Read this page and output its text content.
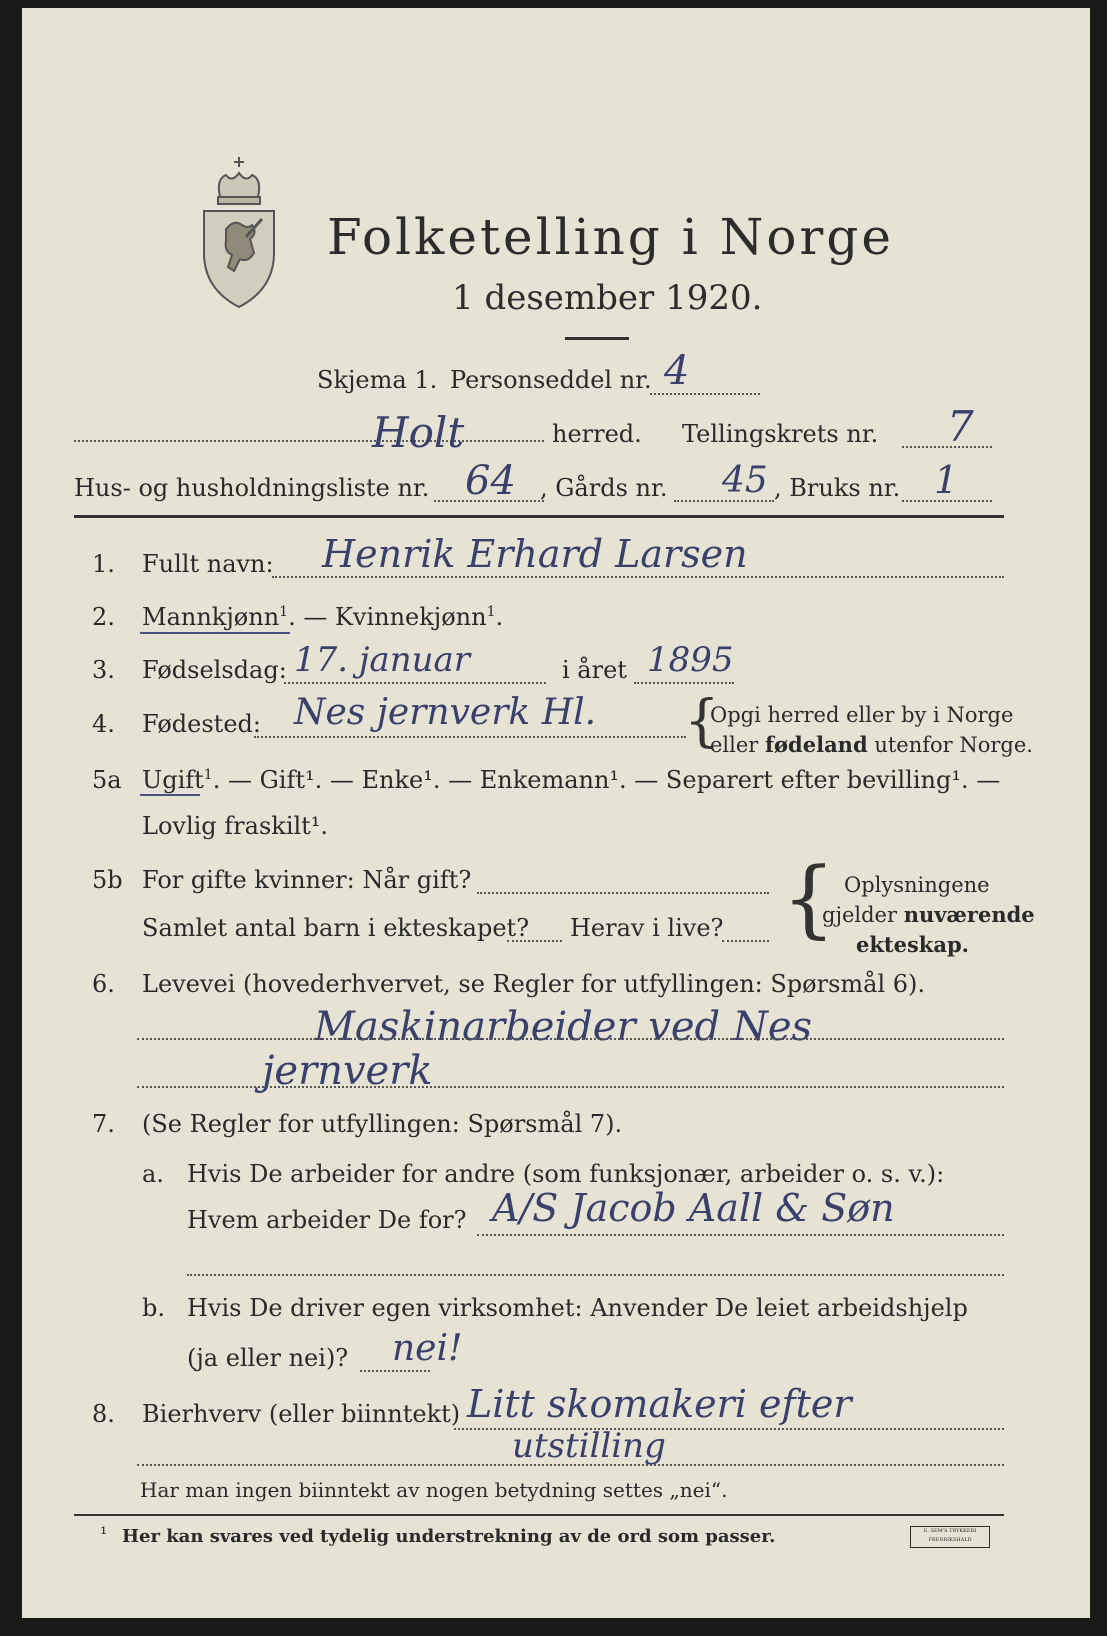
Folketelling i Norge
1 desember 1920.
Skjema 1. Personseddel nr. 4
Holt	herred. Tellingskrets nr. 7
Hus- og husholdningsliste nr. 64 , Gårds nr. 45 , Bruks nr. 1
1. Fullt navn: Henrik Erhard Larsen
2. Mannkjønn$^1$. — Kvinnekjønn$^1$.
3. Fødselsdag: 17. januar	i året 1895
4. Fødested: Nes jernverk Hl. {
Opgi herred eller by i Norge
eller fødeland utenfor Norge.
5a Ugift$^1$. — Gift¹. — Enke¹. — Enkemann¹. — Separert efter bevilling¹. —
Lovlig fraskilt¹.
5b For gifte kvinner: Når gift?
Samlet antal barn i ekteskapet? Herav i live? { Oplysningene
gjelder nuværende
ekteskap.
6. Levevei (hovederhvervet, se Regler for utfyllingen: Spørsmål 6).
Maskinarbeider ved Nes
jernverk
7. (Se Regler for utfyllingen: Spørsmål 7).
a. Hvis De arbeider for andre (som funksjonær, arbeider o. s. v.):
Hvem arbeider De for? A/S Jacob Aall & Søn
b. Hvis De driver egen virksomhet: Anvender De leiet arbeidshjelp
(ja eller nei)? nei!
8. Bierhverv (eller biinntekt) Litt skomakeri efter
utstilling
Har man ingen biinntekt av nogen betydning settes „nei“.
¹ Her kan svares ved tydelig understrekning av de ord som passer.	E. SEM'S TRYKKERI FREDRIKSHALD
